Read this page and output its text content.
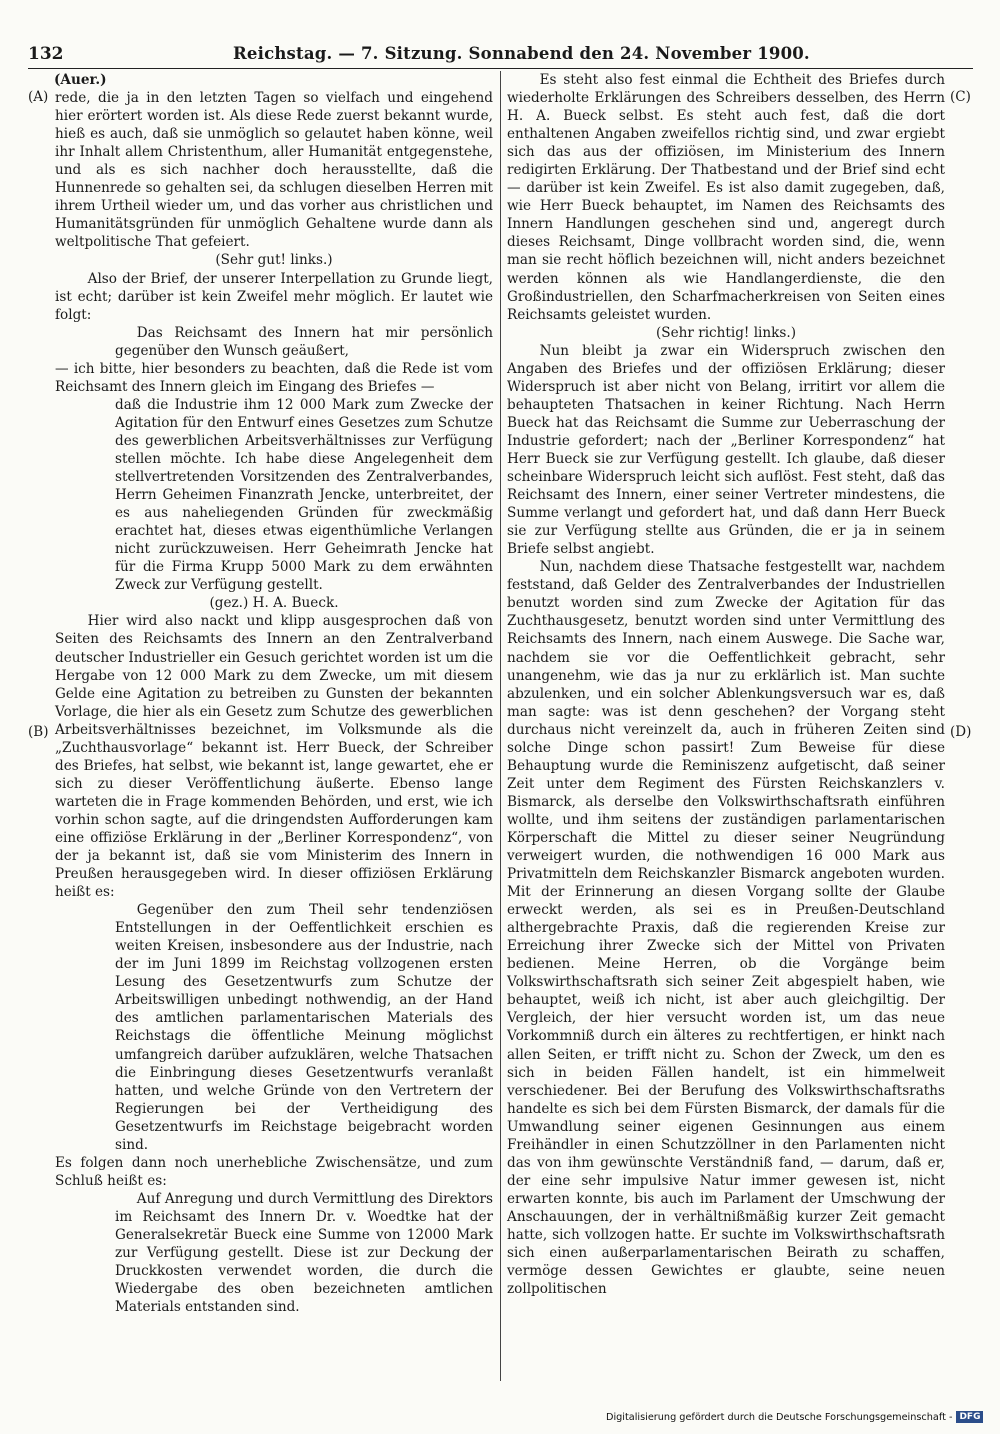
132	Reichstag. — 7. Sitzung. Sonnabend den 24. November 1900.
(A)
(B)
(C)
(D)

(Auer.)

rede, die ja in den letzten Tagen so vielfach und eingehend hier erörtert worden ist. Als diese Rede zuerst bekannt wurde, hieß es auch, daß sie unmöglich so gelautet haben könne, weil ihr Inhalt allem Christenthum, aller Humanität entgegenstehe, und als es sich nachher doch herausstellte, daß die Hunnenrede so gehalten sei, da schlugen dieselben Herren mit ihrem Urtheil wieder um, und das vorher aus christlichen und Humanitätsgründen für unmöglich Gehaltene wurde dann als weltpolitische That gefeiert.

(Sehr gut! links.)

Also der Brief, der unserer Interpellation zu Grunde liegt, ist echt; darüber ist kein Zweifel mehr möglich. Er lautet wie folgt:

Das Reichsamt des Innern hat mir persönlich gegenüber den Wunsch geäußert,

— ich bitte, hier besonders zu beachten, daß die Rede ist vom Reichsamt des Innern gleich im Eingang des Briefes —

daß die Industrie ihm 12 000 Mark zum Zwecke der Agitation für den Entwurf eines Gesetzes zum Schutze des gewerblichen Arbeitsverhältnisses zur Verfügung stellen möchte. Ich habe diese Angelegenheit dem stellvertretenden Vorsitzenden des Zentralverbandes, Herrn Geheimen Finanzrath Jencke, unterbreitet, der es aus naheliegenden Gründen für zweckmäßig erachtet hat, dieses etwas eigenthümliche Verlangen nicht zurückzuweisen. Herr Geheimrath Jencke hat für die Firma Krupp 5000 Mark zu dem erwähnten Zweck zur Verfügung gestellt.

(gez.) H. A. Bueck.

Hier wird also nackt und klipp ausgesprochen daß von Seiten des Reichsamts des Innern an den Zentralverband deutscher Industrieller ein Gesuch gerichtet worden ist um die Hergabe von 12 000 Mark zu dem Zwecke, um mit diesem Gelde eine Agitation zu betreiben zu Gunsten der bekannten Vorlage, die hier als ein Gesetz zum Schutze des gewerblichen Arbeitsverhältnisses bezeichnet, im Volksmunde als die „Zuchthausvorlage“ bekannt ist. Herr Bueck, der Schreiber des Briefes, hat selbst, wie bekannt ist, lange gewartet, ehe er sich zu dieser Veröffentlichung äußerte. Ebenso lange warteten die in Frage kommenden Behörden, und erst, wie ich vorhin schon sagte, auf die dringendsten Aufforderungen kam eine offiziöse Erklärung in der „Berliner Korrespondenz“, von der ja bekannt ist, daß sie vom Ministerim des Innern in Preußen herausgegeben wird. In dieser offiziösen Erklärung heißt es:

Gegenüber den zum Theil sehr tendenziösen Entstellungen in der Oeffentlichkeit erschien es weiten Kreisen, insbesondere aus der Industrie, nach der im Juni 1899 im Reichstag vollzogenen ersten Lesung des Gesetzentwurfs zum Schutze der Arbeitswilligen unbedingt nothwendig, an der Hand des amtlichen parlamentarischen Materials des Reichstags die öffentliche Meinung möglichst umfangreich darüber aufzuklären, welche Thatsachen die Einbringung dieses Gesetzentwurfs veranlaßt hatten, und welche Gründe von den Vertretern der Regierungen bei der Vertheidigung des Gesetzentwurfs im Reichstage beigebracht worden sind.

Es folgen dann noch unerhebliche Zwischensätze, und zum Schluß heißt es:

Auf Anregung und durch Vermittlung des Direktors im Reichsamt des Innern Dr. v. Woedtke hat der Generalsekretär Bueck eine Summe von 12000 Mark zur Verfügung gestellt. Diese ist zur Deckung der Druckkosten verwendet worden, die durch die Wiedergabe des oben bezeichneten amtlichen Materials entstanden sind.

Es steht also fest einmal die Echtheit des Briefes durch wiederholte Erklärungen des Schreibers desselben, des Herrn H. A. Bueck selbst. Es steht auch fest, daß die dort enthaltenen Angaben zweifellos richtig sind, und zwar ergiebt sich das aus der offiziösen, im Ministerium des Innern redigirten Erklärung. Der Thatbestand und der Brief sind echt — darüber ist kein Zweifel. Es ist also damit zugegeben, daß, wie Herr Bueck behauptet, im Namen des Reichsamts des Innern Handlungen geschehen sind und, angeregt durch dieses Reichsamt, Dinge vollbracht worden sind, die, wenn man sie recht höflich bezeichnen will, nicht anders bezeichnet werden können als wie Handlangerdienste, die den Großindustriellen, den Scharfmacherkreisen von Seiten eines Reichsamts geleistet wurden.

(Sehr richtig! links.)

Nun bleibt ja zwar ein Widerspruch zwischen den Angaben des Briefes und der offiziösen Erklärung; dieser Widerspruch ist aber nicht von Belang, irritirt vor allem die behaupteten Thatsachen in keiner Richtung. Nach Herrn Bueck hat das Reichsamt die Summe zur Ueberraschung der Industrie gefordert; nach der „Berliner Korrespondenz“ hat Herr Bueck sie zur Verfügung gestellt. Ich glaube, daß dieser scheinbare Widerspruch leicht sich auflöst. Fest steht, daß das Reichsamt des Innern, einer seiner Vertreter mindestens, die Summe verlangt und gefordert hat, und daß dann Herr Bueck sie zur Verfügung stellte aus Gründen, die er ja in seinem Briefe selbst angiebt.

Nun, nachdem diese Thatsache festgestellt war, nachdem feststand, daß Gelder des Zentralverbandes der Industriellen benutzt worden sind zum Zwecke der Agitation für das Zuchthausgesetz, benutzt worden sind unter Vermittlung des Reichsamts des Innern, nach einem Auswege. Die Sache war, nachdem sie vor die Oeffentlichkeit gebracht, sehr unangenehm, wie das ja nur zu erklärlich ist. Man suchte abzulenken, und ein solcher Ablenkungsversuch war es, daß man sagte: was ist denn geschehen? der Vorgang steht durchaus nicht vereinzelt da, auch in früheren Zeiten sind solche Dinge schon passirt! Zum Beweise für diese Behauptung wurde die Reminiszenz aufgetischt, daß seiner Zeit unter dem Regiment des Fürsten Reichskanzlers v. Bismarck, als derselbe den Volkswirthschaftsrath einführen wollte, und ihm seitens der zuständigen parlamentarischen Körperschaft die Mittel zu dieser seiner Neugründung verweigert wurden, die nothwendigen 16 000 Mark aus Privatmitteln dem Reichskanzler Bismarck angeboten wurden. Mit der Erinnerung an diesen Vorgang sollte der Glaube erweckt werden, als sei es in Preußen-Deutschland althergebrachte Praxis, daß die regierenden Kreise zur Erreichung ihrer Zwecke sich der Mittel von Privaten bedienen. Meine Herren, ob die Vorgänge beim Volkswirthschaftsrath sich seiner Zeit abgespielt haben, wie behauptet, weiß ich nicht, ist aber auch gleichgiltig. Der Vergleich, der hier versucht worden ist, um das neue Vorkommniß durch ein älteres zu rechtfertigen, er hinkt nach allen Seiten, er trifft nicht zu. Schon der Zweck, um den es sich in beiden Fällen handelt, ist ein himmelweit verschiedener. Bei der Berufung des Volkswirthschaftsraths handelte es sich bei dem Fürsten Bismarck, der damals für die Umwandlung seiner eigenen Gesinnungen aus einem Freihändler in einen Schutzzöllner in den Parlamenten nicht das von ihm gewünschte Verständniß fand, — darum, daß er, der eine sehr impulsive Natur immer gewesen ist, nicht erwarten konnte, bis auch im Parlament der Umschwung der Anschauungen, der in verhältnißmäßig kurzer Zeit gemacht hatte, sich vollzogen hatte. Er suchte im Volkswirthschaftsrath sich einen außerparlamentarischen Beirath zu schaffen, vermöge dessen Gewichtes er glaubte, seine neuen zollpolitischen

Digitalisierung gefördert durch die Deutsche Forschungsgemeinschaft - DFG
